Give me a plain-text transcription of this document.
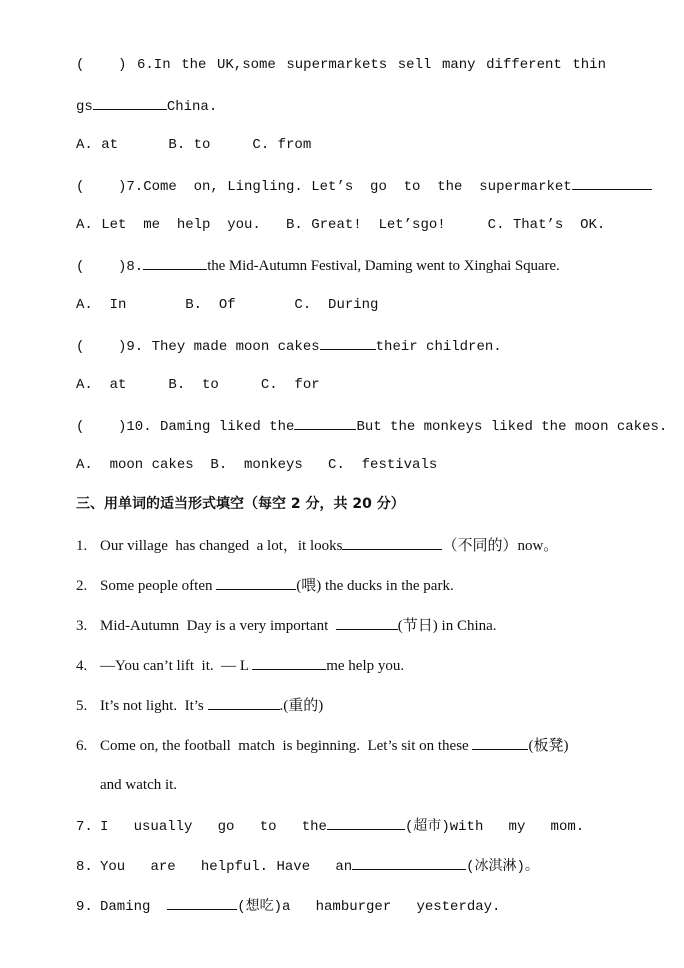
(    ) 6.In the UK,some supermarkets sell many different thin
gs	China.
A. at      B. to     C. from
(    )7.Come  on, Lingling. Let’s  go  to  the  supermarket
A. Let  me  help  you.   B. Great!  Let’sgo!     C. That’s  OK.
(    )8.	the Mid-Autumn Festival, Daming went to Xinghai Square.
A.  In       B.  Of       C.  During
(    )9. They made moon cakes	their children.
A.  at     B.  to     C.  for
(    )10. Daming liked the	But the monkeys liked the moon cakes.
A.  moon cakes  B.  monkeys   C.  festivals
三、用单词的适当形式填空（每空 2 分，共 20 分）
1. Our village  has changed  a lot，it looks	（不同的）now。
2. Some people often	(喂) the ducks in the park.
3. Mid-Autumn  Day is a very important	(节日) in China.
4. —You can’t lift  it.  — L	me help you.
5. It’s not light.  It’s	.(重的)
6. Come on, the football  match  is beginning.  Let’s sit on these	(板凳)
and watch it.
7. I usually go to the	(超市)with   my   mom.
8. You are helpful. Have an	(冰淇淋)。
9. Daming	(想吃)a   hamburger   yesterday.
